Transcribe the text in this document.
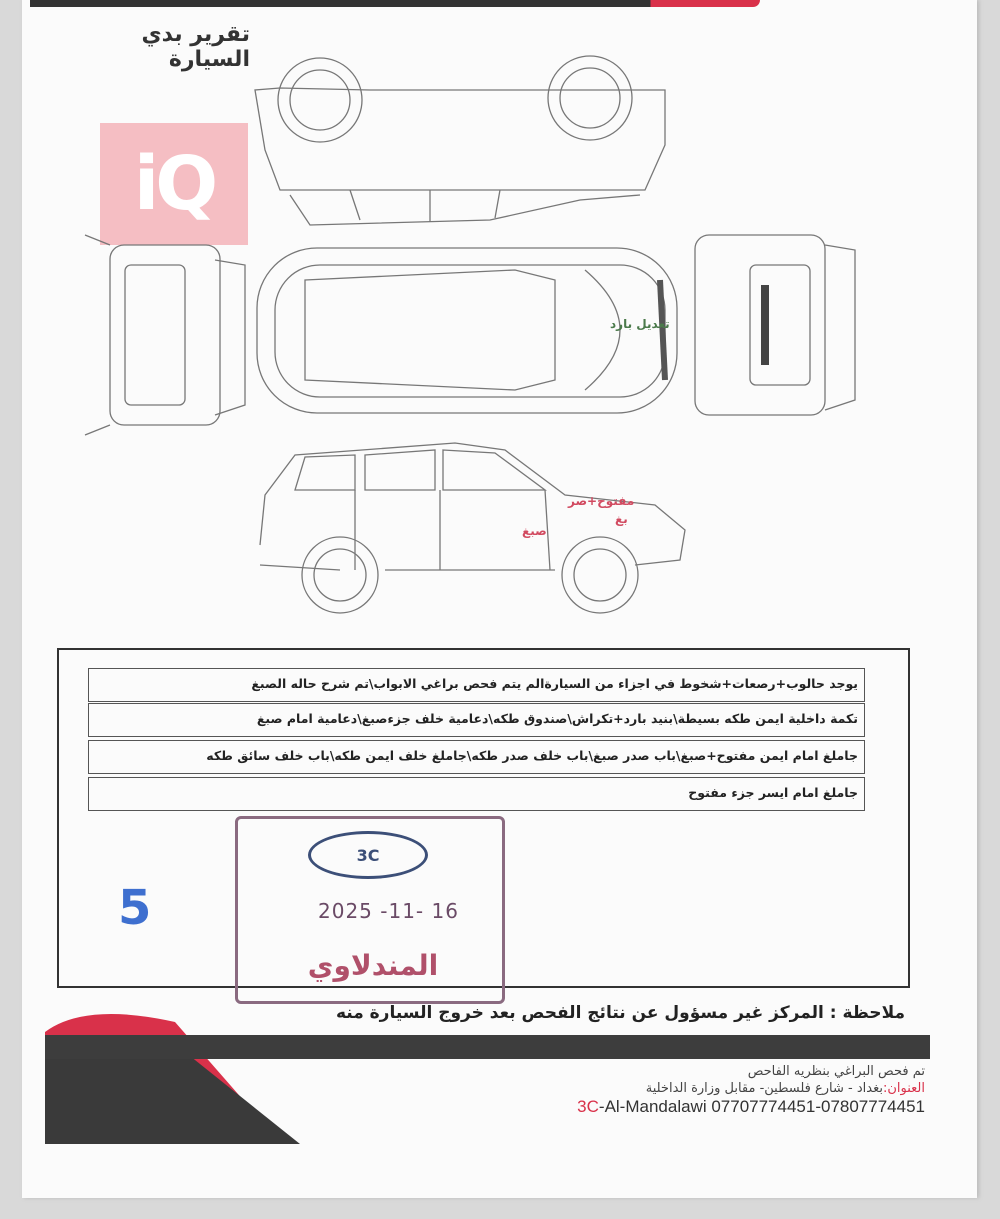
تقرير بدي السيارة
iQ
تعديل بارد
مفتوح+صر
بغ
صبغ
يوجد حالوب+رصعات+شخوط في اجزاء من السيارةالم يتم فحص براغي الابواب\تم شرح حاله الصبغ
تكمة داخلية ايمن طكه بسيطة\بنيد بارد+تكراش\صندوق طكه\دعامية خلف جزءصبغ\دعامية امام صبغ
جاملغ امام ايمن مفتوح+صبغ\باب صدر صبغ\باب خلف صدر طكه\جاملغ خلف ايمن طكه\باب خلف سائق طكه
جاملغ امام ايسر جزء مفتوح
5
3C
2025 -11- 16
المندلاوي
ملاحظة : المركز غير مسؤول عن نتائج الفحص بعد خروج السيارة منه
تم فحص البراغي بنظريه الفاحص
العنوان:بغداد - شارع فلسطين- مقابل وزارة الداخلية
3C-Al-Mandalawi 07707774451-07807774451
